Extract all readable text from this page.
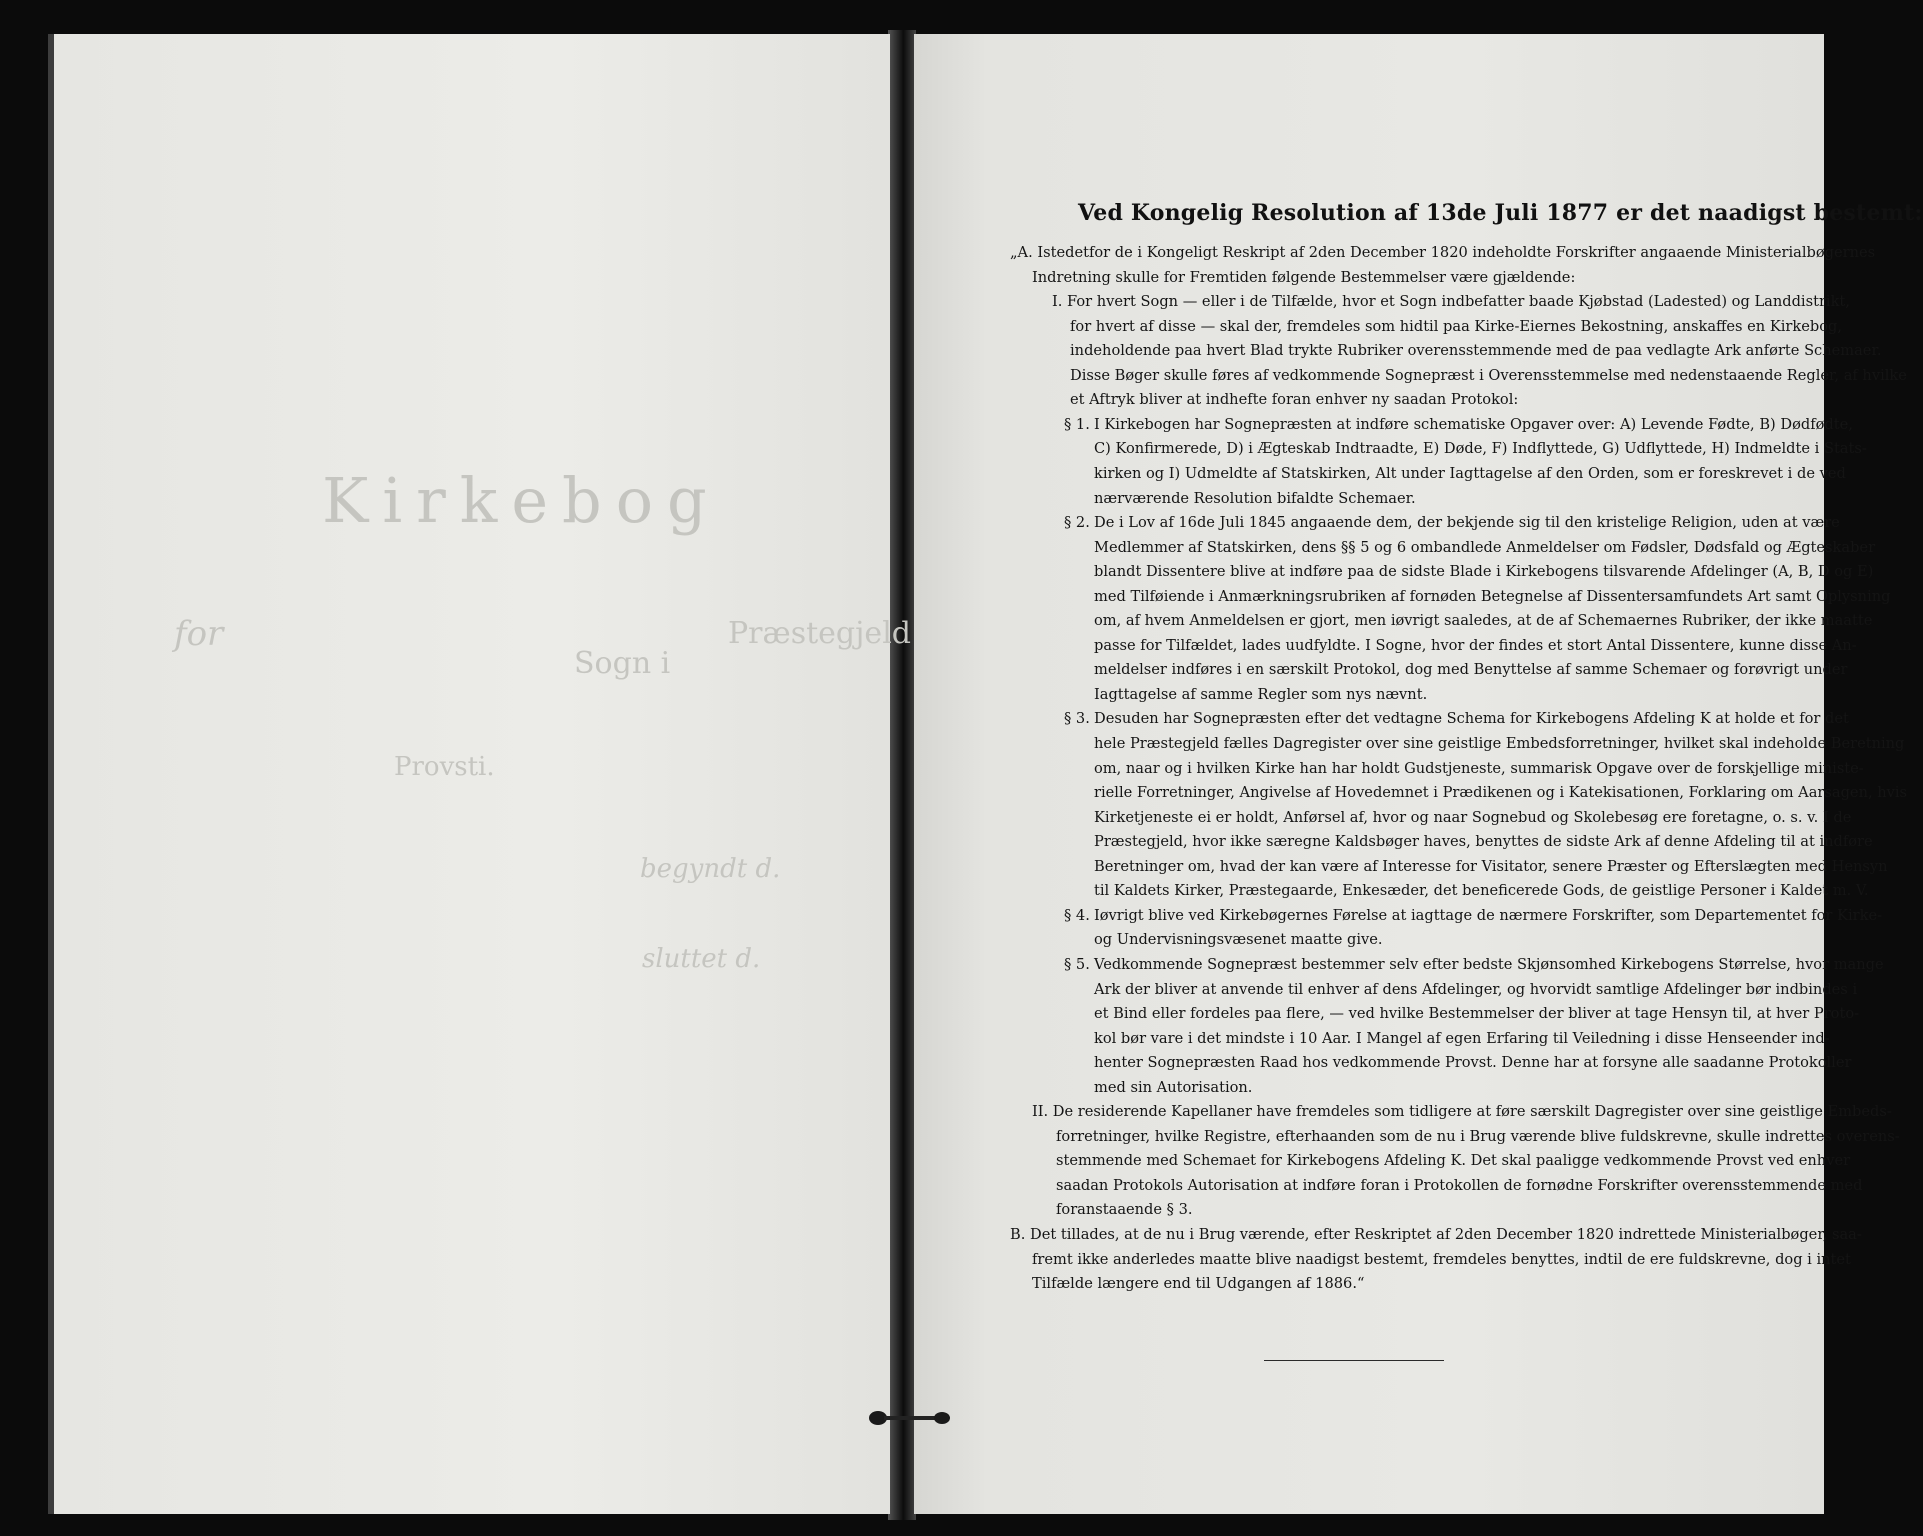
Kirkebog
Sogn i
for	Præstegjeld
Provsti.
begyndt d.
sluttet d.
Ved Kongelig Resolution af 13de Juli 1877 er det naadigst bestemt:
„A. Istedetfor de i Kongeligt Reskript af 2den December 1820 indeholdte Forskrifter angaaende Ministerialbøgernes
Indretning skulle for Fremtiden følgende Bestemmelser være gjældende:
I. For hvert Sogn — eller i de Tilfælde, hvor et Sogn indbefatter baade Kjøbstad (Ladested) og Landdistrikt,
for hvert af disse — skal der, fremdeles som hidtil paa Kirke-Eiernes Bekostning, anskaffes en Kirkebog,
indeholdende paa hvert Blad trykte Rubriker overensstemmende med de paa vedlagte Ark anførte Schemaer.
Disse Bøger skulle føres af vedkommende Sognepræst i Overensstemmelse med nedenstaaende Regler, af hvilke
et Aftryk bliver at indhefte foran enhver ny saadan Protokol:
§ 1. I Kirkebogen har Sognepræsten at indføre schematiske Opgaver over: A) Levende Fødte, B) Dødfødte,
C) Konfirmerede, D) i Ægteskab Indtraadte, E) Døde, F) Indflyttede, G) Udflyttede, H) Indmeldte i Stats-
kirken og I) Udmeldte af Statskirken, Alt under Iagttagelse af den Orden, som er foreskrevet i de ved
nærværende Resolution bifaldte Schemaer.
§ 2. De i Lov af 16de Juli 1845 angaaende dem, der bekjende sig til den kristelige Religion, uden at være
Medlemmer af Statskirken, dens §§ 5 og 6 ombandlede Anmeldelser om Fødsler, Dødsfald og Ægteskaber
blandt Dissentere blive at indføre paa de sidste Blade i Kirkebogens tilsvarende Afdelinger (A, B, D og E)
med Tilføiende i Anmærkningsrubriken af fornøden Betegnelse af Dissentersamfundets Art samt Oplysning
om, af hvem Anmeldelsen er gjort, men iøvrigt saaledes, at de af Schemaernes Rubriker, der ikke maatte
passe for Tilfældet, lades uudfyldte. I Sogne, hvor der findes et stort Antal Dissentere, kunne disse An-
meldelser indføres i en særskilt Protokol, dog med Benyttelse af samme Schemaer og forøvrigt under
Iagttagelse af samme Regler som nys nævnt.
§ 3. Desuden har Sognepræsten efter det vedtagne Schema for Kirkebogens Afdeling K at holde et for det
hele Præstegjeld fælles Dagregister over sine geistlige Embedsforretninger, hvilket skal indeholde Beretning
om, naar og i hvilken Kirke han har holdt Gudstjeneste, summarisk Opgave over de forskjellige ministe-
rielle Forretninger, Angivelse af Hovedemnet i Prædikenen og i Katekisationen, Forklaring om Aarsagen, hvis
Kirketjeneste ei er holdt, Anførsel af, hvor og naar Sognebud og Skolebesøg ere foretagne, o. s. v. I de
Præstegjeld, hvor ikke særegne Kaldsbøger haves, benyttes de sidste Ark af denne Afdeling til at indføre
Beretninger om, hvad der kan være af Interesse for Visitator, senere Præster og Efterslægten med Hensyn
til Kaldets Kirker, Præstegaarde, Enkesæder, det beneficerede Gods, de geistlige Personer i Kaldet m. V.
§ 4. Iøvrigt blive ved Kirkebøgernes Førelse at iagttage de nærmere Forskrifter, som Departementet for Kirke-
og Undervisningsvæsenet maatte give.
§ 5. Vedkommende Sognepræst bestemmer selv efter bedste Skjønsomhed Kirkebogens Størrelse, hvor mange
Ark der bliver at anvende til enhver af dens Afdelinger, og hvorvidt samtlige Afdelinger bør indbindes i
et Bind eller fordeles paa flere, — ved hvilke Bestemmelser der bliver at tage Hensyn til, at hver Proto-
kol bør vare i det mindste i 10 Aar. I Mangel af egen Erfaring til Veiledning i disse Henseender ind-
henter Sognepræsten Raad hos vedkommende Provst. Denne har at forsyne alle saadanne Protokoller
med sin Autorisation.
II. De residerende Kapellaner have fremdeles som tidligere at føre særskilt Dagregister over sine geistlige Embeds-
forretninger, hvilke Registre, efterhaanden som de nu i Brug værende blive fuldskrevne, skulle indrettes overens-
stemmende med Schemaet for Kirkebogens Afdeling K. Det skal paaligge vedkommende Provst ved enhver
saadan Protokols Autorisation at indføre foran i Protokollen de fornødne Forskrifter overensstemmende med
foranstaaende § 3.
B. Det tillades, at de nu i Brug værende, efter Reskriptet af 2den December 1820 indrettede Ministerialbøger, saa-
fremt ikke anderledes maatte blive naadigst bestemt, fremdeles benyttes, indtil de ere fuldskrevne, dog i intet
Tilfælde længere end til Udgangen af 1886.“
